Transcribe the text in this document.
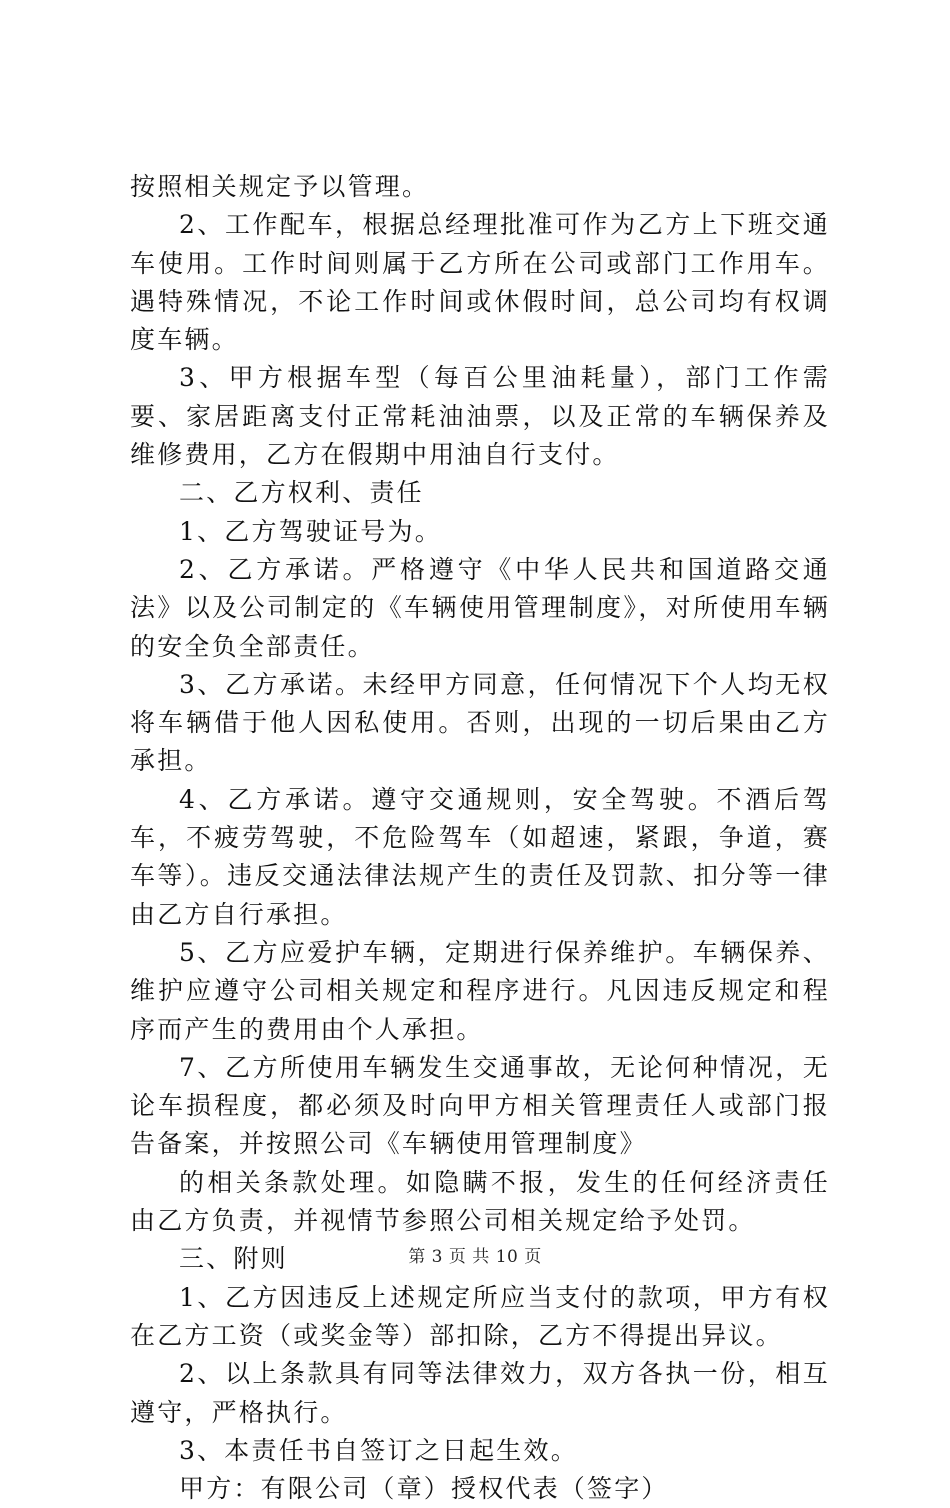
按照相关规定予以管理。

2、工作配车，根据总经理批准可作为乙方上下班交通车使用。工作时间则属于乙方所在公司或部门工作用车。遇特殊情况，不论工作时间或休假时间，总公司均有权调度车辆。

3、甲方根据车型（每百公里油耗量），部门工作需要、家居距离支付正常耗油油票，以及正常的车辆保养及维修费用，乙方在假期中用油自行支付。

二、乙方权利、责任

1、乙方驾驶证号为。

2、乙方承诺。严格遵守《中华人民共和国道路交通法》以及公司制定的《车辆使用管理制度》，对所使用车辆的安全负全部责任。

3、乙方承诺。未经甲方同意，任何情况下个人均无权将车辆借于他人因私使用。否则，出现的一切后果由乙方承担。

4、乙方承诺。遵守交通规则，安全驾驶。不酒后驾车，不疲劳驾驶，不危险驾车（如超速，紧跟，争道，赛车等）。违反交通法律法规产生的责任及罚款、扣分等一律由乙方自行承担。

5、乙方应爱护车辆，定期进行保养维护。车辆保养、维护应遵守公司相关规定和程序进行。凡因违反规定和程序而产生的费用由个人承担。

7、乙方所使用车辆发生交通事故，无论何种情况，无论车损程度，都必须及时向甲方相关管理责任人或部门报告备案，并按照公司《车辆使用管理制度》

的相关条款处理。如隐瞒不报，发生的任何经济责任由乙方负责，并视情节参照公司相关规定给予处罚。

三、附则

1、乙方因违反上述规定所应当支付的款项，甲方有权在乙方工资（或奖金等）部扣除，乙方不得提出异议。

2、以上条款具有同等法律效力，双方各执一份，相互遵守，严格执行。

3、本责任书自签订之日起生效。

甲方：有限公司（章）授权代表（签字）

第 3 页 共 10 页
